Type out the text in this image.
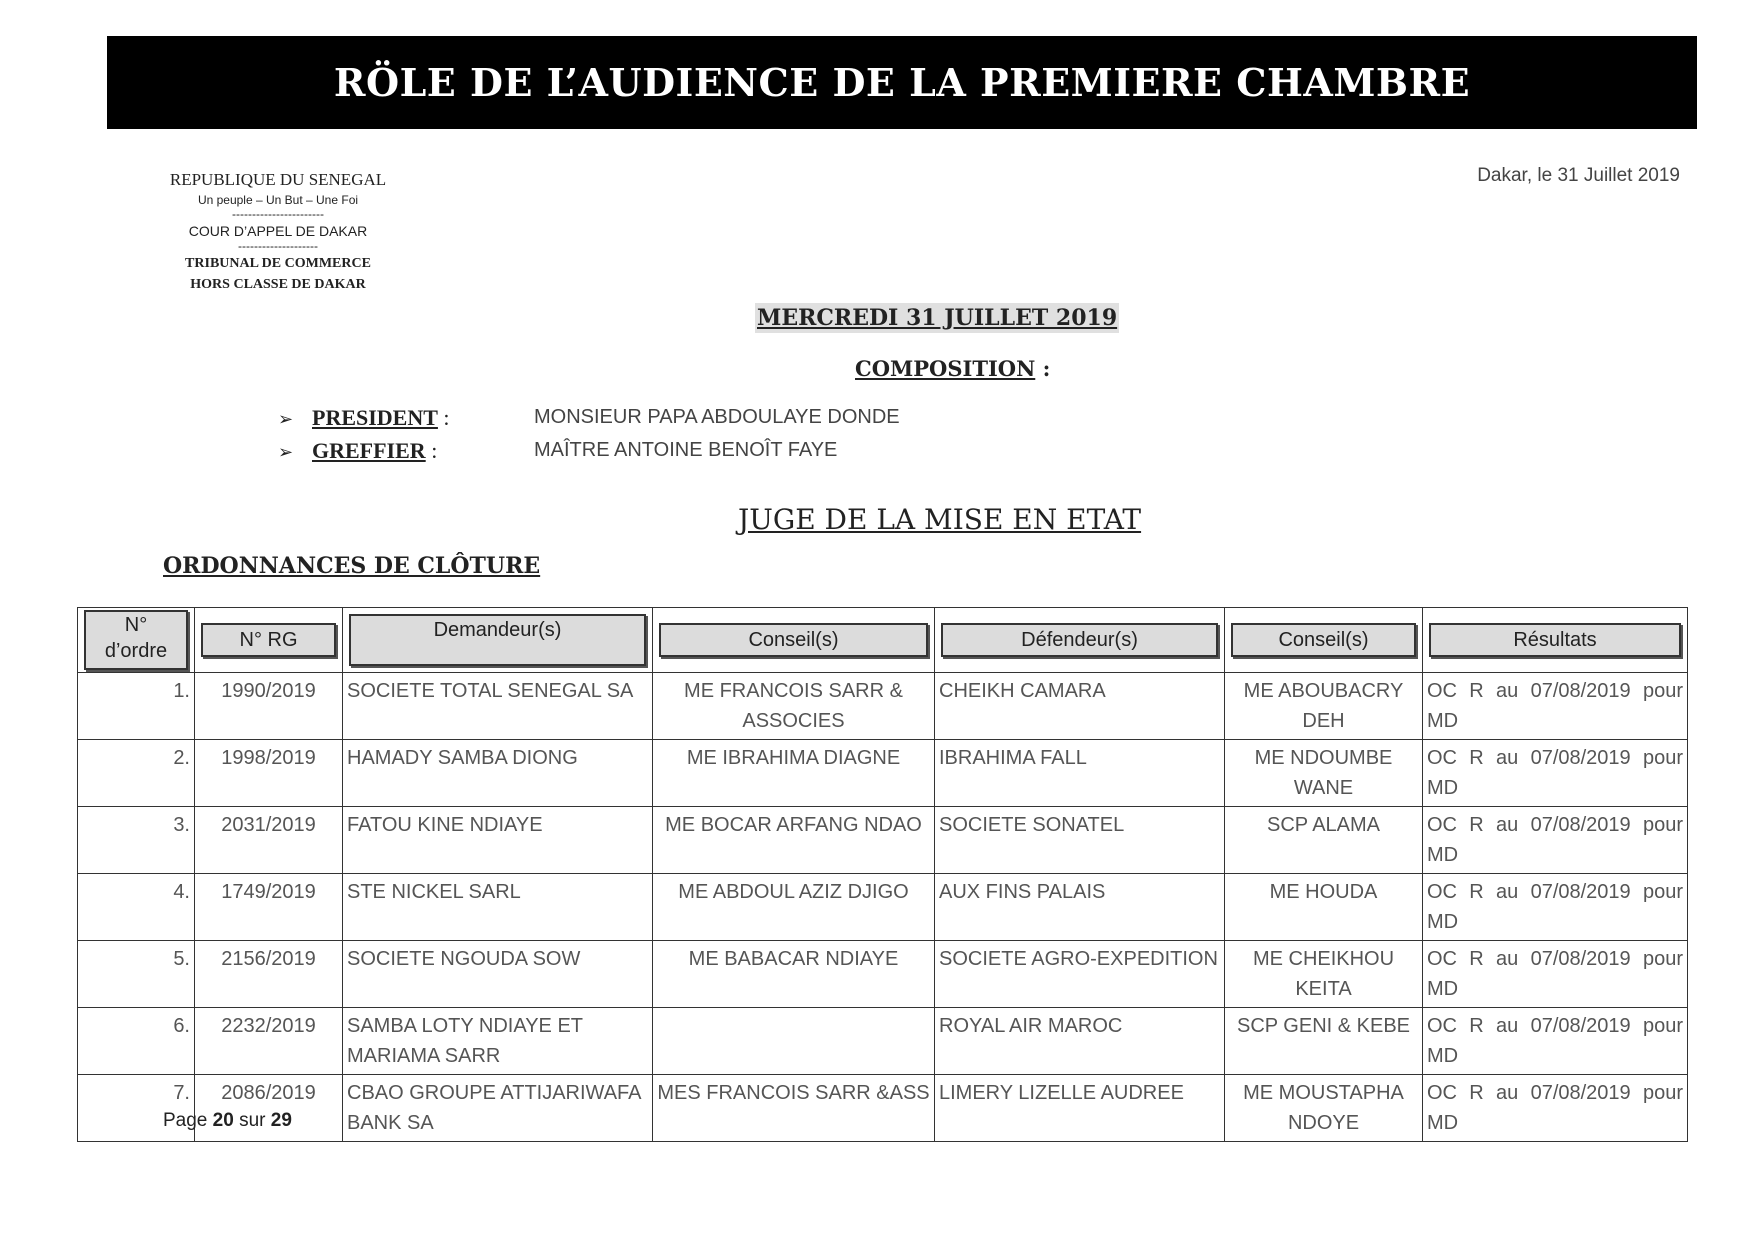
RÖLE DE L’AUDIENCE DE LA PREMIERE CHAMBRE
REPUBLIQUE DU SENEGAL
Un peuple – Un But – Une Foi
-----------------------
COUR D’APPEL DE DAKAR
--------------------
TRIBUNAL DE COMMERCE
HORS CLASSE DE DAKAR
Dakar, le 31 Juillet 2019
MERCREDI 31 JUILLET 2019
COMPOSITION :
➢ PRESIDENT :	MONSIEUR PAPA ABDOULAYE DONDE
➢ GREFFIER :	MAÎTRE ANTOINE BENOÎT FAYE
JUGE DE LA MISE EN ETAT
ORDONNANCES DE CLÔTURE
N°
d’ordre	N° RG	Demandeur(s)	Conseil(s)	Défendeur(s)	Conseil(s)	Résultats

1.	1990/2019	SOCIETE TOTAL SENEGAL SA	ME FRANCOIS SARR & ASSOCIES	CHEIKH CAMARA	ME ABOUBACRY DEH	OC R au 07/08/2019 pour MD
2.	1998/2019	HAMADY SAMBA DIONG	ME IBRAHIMA DIAGNE	IBRAHIMA FALL	ME NDOUMBE WANE	OC R au 07/08/2019 pour MD
3.	2031/2019	FATOU KINE NDIAYE	ME BOCAR ARFANG NDAO	SOCIETE SONATEL	SCP ALAMA	OC R au 07/08/2019 pour MD
4.	1749/2019	STE NICKEL SARL	ME ABDOUL AZIZ DJIGO	AUX FINS PALAIS	ME HOUDA	OC R au 07/08/2019 pour MD
5.	2156/2019	SOCIETE NGOUDA SOW	ME BABACAR NDIAYE	SOCIETE AGRO-EXPEDITION	ME CHEIKHOU KEITA	OC R au 07/08/2019 pour MD
6.	2232/2019	SAMBA LOTY NDIAYE ET MARIAMA SARR		ROYAL AIR MAROC	SCP GENI & KEBE	OC R au 07/08/2019 pour MD
7.	2086/2019	CBAO GROUPE ATTIJARIWAFA BANK SA	MES FRANCOIS SARR &ASS	LIMERY LIZELLE AUDREE	ME MOUSTAPHA NDOYE	OC R au 07/08/2019 pour MD
Page 20 sur 29
